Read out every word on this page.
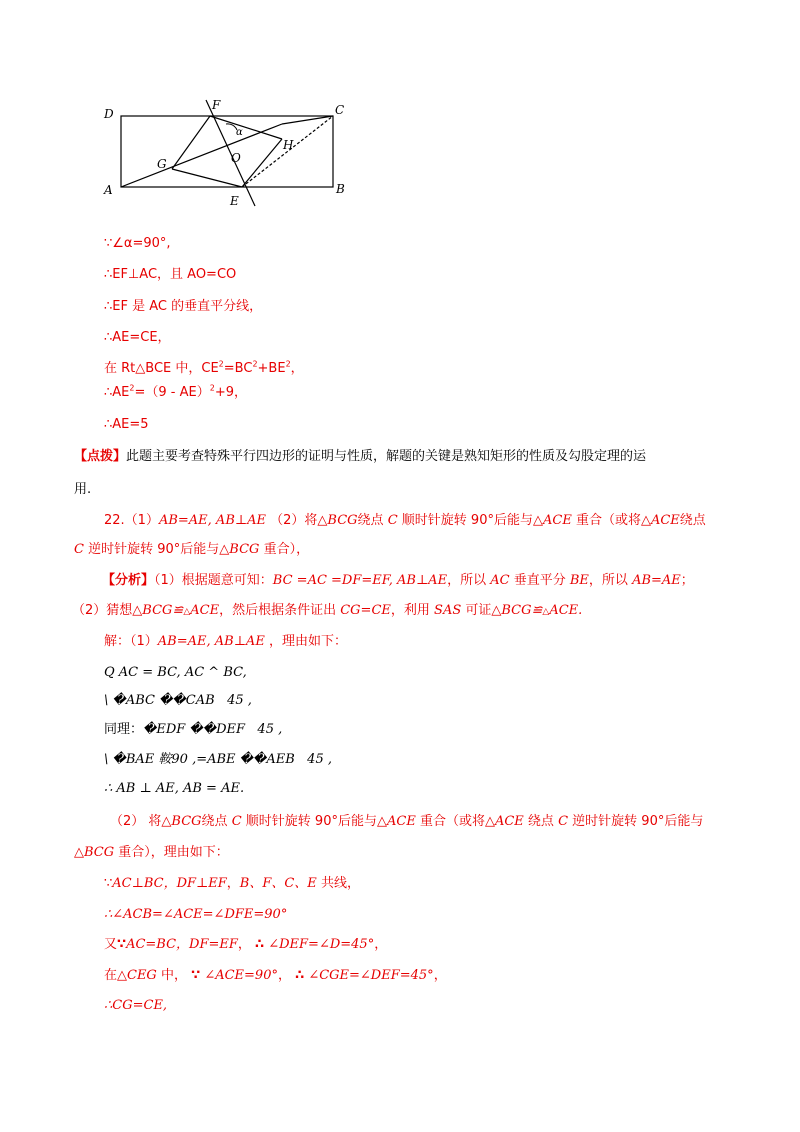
D
F	C
A	B
E
G	O
H
α
∵∠α=90°,
∴EF⊥AC，且 AO=CO
∴EF 是 AC 的垂直平分线，
∴AE=CE，
在 Rt△BCE 中，$CE^2=BC^2+BE^2$，
$\therefore AE^2=(9 - AE)^2+9$，
∴AE=5
【点拨】此题主要考查特殊平行四边形的证明与性质，解题的关键是熟知矩形的性质及勾股定理的运
用.
22.（1）AB=AE, AB⊥AE （2）将△BCG绕点 C 顺时针旋转 90°后能与△ACE 重合（或将△ACE绕点
C 逆时针旋转 90°后能与△BCG 重合），
【分析】（1）根据题意可知：BC =AC =DF=EF, AB⊥AE，所以 AC 垂直平分 BE，所以 AB=AE；
（2）猜想△BCG≌△ACE，然后根据条件证出 CG=CE，利用 SAS 可证△BCG≌△ACE.
解：（1）AB=AE, AB⊥AE ，理由如下：
Q AC = BC, AC ^ BC,
\ �ABC ��CAB 45 ,
同理：�EDF ��DEF 45 ,
\ �BAE 鞍90 ,=ABE ��AEB 45 ,
∴ AB ⊥ AE, AB = AE.
（2） 将△BCG绕点 C 顺时针旋转 90°后能与△ACE 重合（或将△ACE 绕点 C 逆时针旋转 90°后能与
△BCG 重合），理由如下：
∵AC⊥BC，DF⊥EF，B、F、C、E 共线，
∴∠ACB=∠ACE=∠DFE=90°
又∵AC=BC，DF=EF， ∴ ∠DEF=∠D=45°，
在△CEG 中， ∵ ∠ACE=90°， ∴ ∠CGE=∠DEF=45°，
∴CG=CE,
